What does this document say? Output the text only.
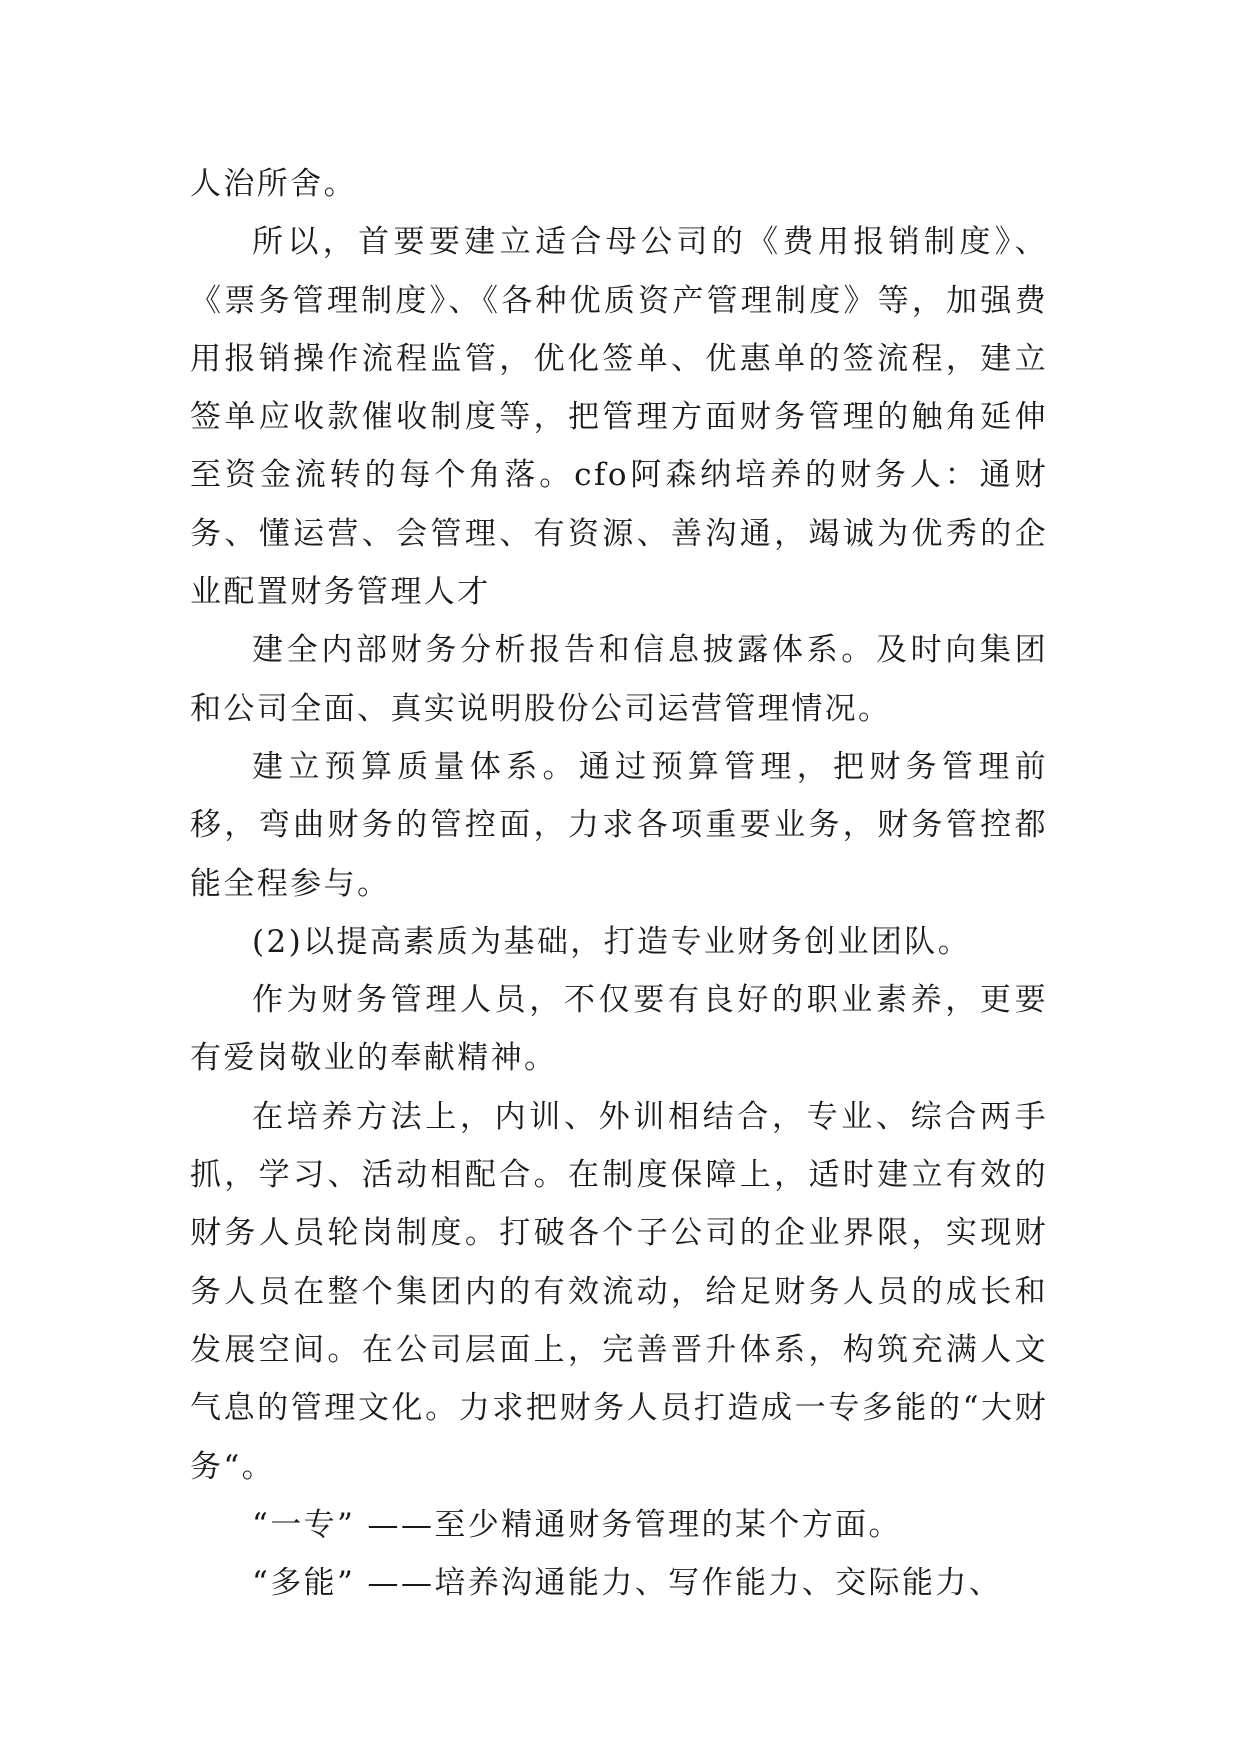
人治所舍。

所以，首要要建立适合母公司的《费用报销制度》、《票务管理制度》、《各种优质资产管理制度》等，加强费用报销操作流程监管，优化签单、优惠单的签流程，建立签单应收款催收制度等，把管理方面财务管理的触角延伸至资金流转的每个角落。cfo阿森纳培养的财务人：通财务、懂运营、会管理、有资源、善沟通，竭诚为优秀的企业配置财务管理人才

建全内部财务分析报告和信息披露体系。及时向集团和公司全面、真实说明股份公司运营管理情况。

建立预算质量体系。通过预算管理，把财务管理前移，弯曲财务的管控面，力求各项重要业务，财务管控都能全程参与。

(2)以提高素质为基础，打造专业财务创业团队。

作为财务管理人员，不仅要有良好的职业素养，更要有爱岗敬业的奉献精神。

在培养方法上，内训、外训相结合，专业、综合两手抓，学习、活动相配合。在制度保障上，适时建立有效的财务人员轮岗制度。打破各个子公司的企业界限，实现财务人员在整个集团内的有效流动，给足财务人员的成长和发展空间。在公司层面上，完善晋升体系，构筑充满人文气息的管理文化。力求把财务人员打造成一专多能的“大财务“。

“一专” ——至少精通财务管理的某个方面。

“多能” ——培养沟通能力、写作能力、交际能力、
